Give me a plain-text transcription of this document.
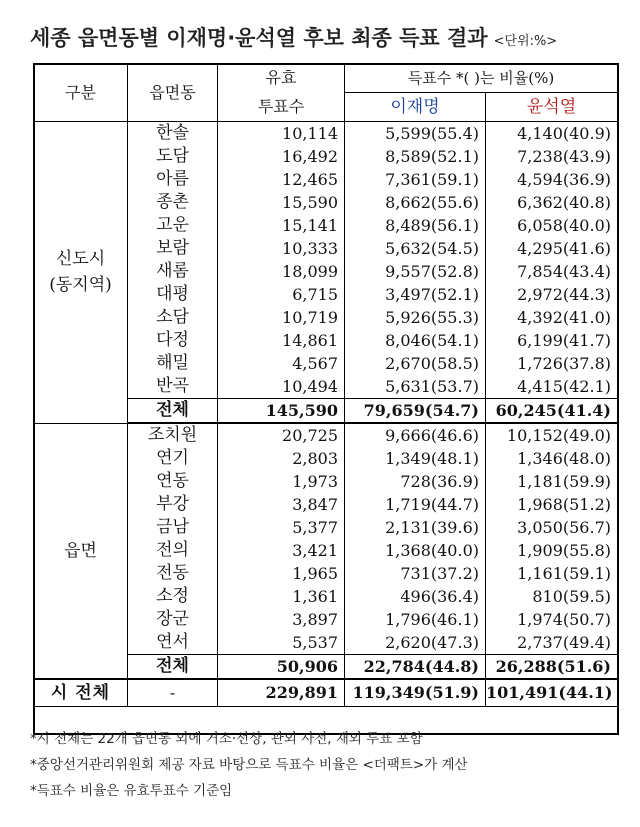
세종 읍면동별 이재명·윤석열 후보 최종 득표 결과 <단위:%>
구분	읍면동	유효	득표수 *( )는 비율(%)	
		투표수	이재명	윤석열

신도시
(동지역)	한솔	10,114	5,599(55.4)	4,140(40.9)
	도담	16,492	8,589(52.1)	7,238(43.9)
	아름	12,465	7,361(59.1)	4,594(36.9)
	종촌	15,590	8,662(55.6)	6,362(40.8)
	고운	15,141	8,489(56.1)	6,058(40.0)
	보람	10,333	5,632(54.5)	4,295(41.6)
	새롬	18,099	9,557(52.8)	7,854(43.4)
	대평	6,715	3,497(52.1)	2,972(44.3)
	소담	10,719	5,926(55.3)	4,392(41.0)
	다정	14,861	8,046(54.1)	6,199(41.7)
	해밀	4,567	2,670(58.5)	1,726(37.8)
	반곡	10,494	5,631(53.7)	4,415(42.1)
	전체	145,590	79,659(54.7)	60,245(41.4)

읍면	조치원	20,725	9,666(46.6)	10,152(49.0)
	연기	2,803	1,349(48.1)	1,346(48.0)
	연동	1,973	728(36.9)	1,181(59.9)
	부강	3,847	1,719(44.7)	1,968(51.2)
	금남	5,377	2,131(39.6)	3,050(56.7)
	전의	3,421	1,368(40.0)	1,909(55.8)
	전동	1,965	731(37.2)	1,161(59.1)
	소정	1,361	496(36.4)	810(59.5)
	장군	3,897	1,796(46.1)	1,974(50.7)
	연서	5,537	2,620(47.3)	2,737(49.4)
	전체	50,906	22,784(44.8)	26,288(51.6)
시 전체	-	229,891	119,349(51.9)	101,491(44.1)
*시 전체는 22개 읍면동 외에 거소·선상, 관외 사전, 재외 투표 포함
*중앙선거관리위원회 제공 자료 바탕으로 득표수 비율은 <더팩트>가 계산
*득표수 비율은 유효투표수 기준임
